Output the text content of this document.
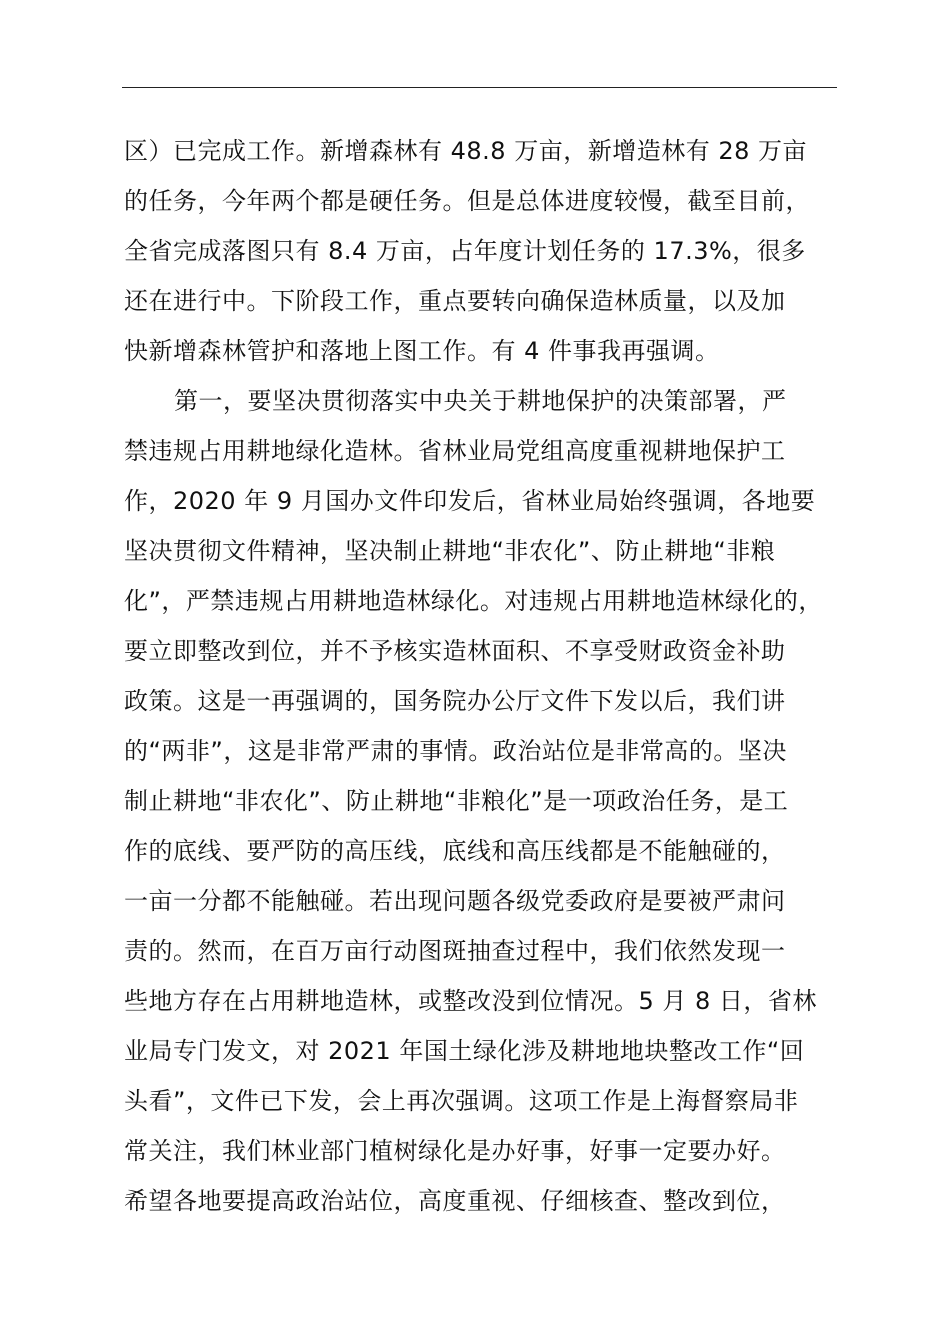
区）已完成工作。新增森林有 48.8 万亩，新增造林有 28 万亩
的任务，今年两个都是硬任务。但是总体进度较慢，截至目前，
全省完成落图只有 8.4 万亩，占年度计划任务的 17.3%，很多
还在进行中。下阶段工作，重点要转向确保造林质量，以及加
快新增森林管护和落地上图工作。有 4 件事我再强调。
第一，要坚决贯彻落实中央关于耕地保护的决策部署，严
禁违规占用耕地绿化造林。省林业局党组高度重视耕地保护工
作，2020 年 9 月国办文件印发后，省林业局始终强调，各地要
坚决贯彻文件精神，坚决制止耕地“非农化”、防止耕地“非粮
化”，严禁违规占用耕地造林绿化。对违规占用耕地造林绿化的，
要立即整改到位，并不予核实造林面积、不享受财政资金补助
政策。这是一再强调的，国务院办公厅文件下发以后，我们讲
的“两非”，这是非常严肃的事情。政治站位是非常高的。坚决
制止耕地“非农化”、防止耕地“非粮化”是一项政治任务，是工
作的底线、要严防的高压线，底线和高压线都是不能触碰的，
一亩一分都不能触碰。若出现问题各级党委政府是要被严肃问
责的。然而，在百万亩行动图斑抽查过程中，我们依然发现一
些地方存在占用耕地造林，或整改没到位情况。5 月 8 日，省林
业局专门发文，对 2021 年国土绿化涉及耕地地块整改工作“回
头看”，文件已下发，会上再次强调。这项工作是上海督察局非
常关注，我们林业部门植树绿化是办好事，好事一定要办好。
希望各地要提高政治站位，高度重视、仔细核查、整改到位，
